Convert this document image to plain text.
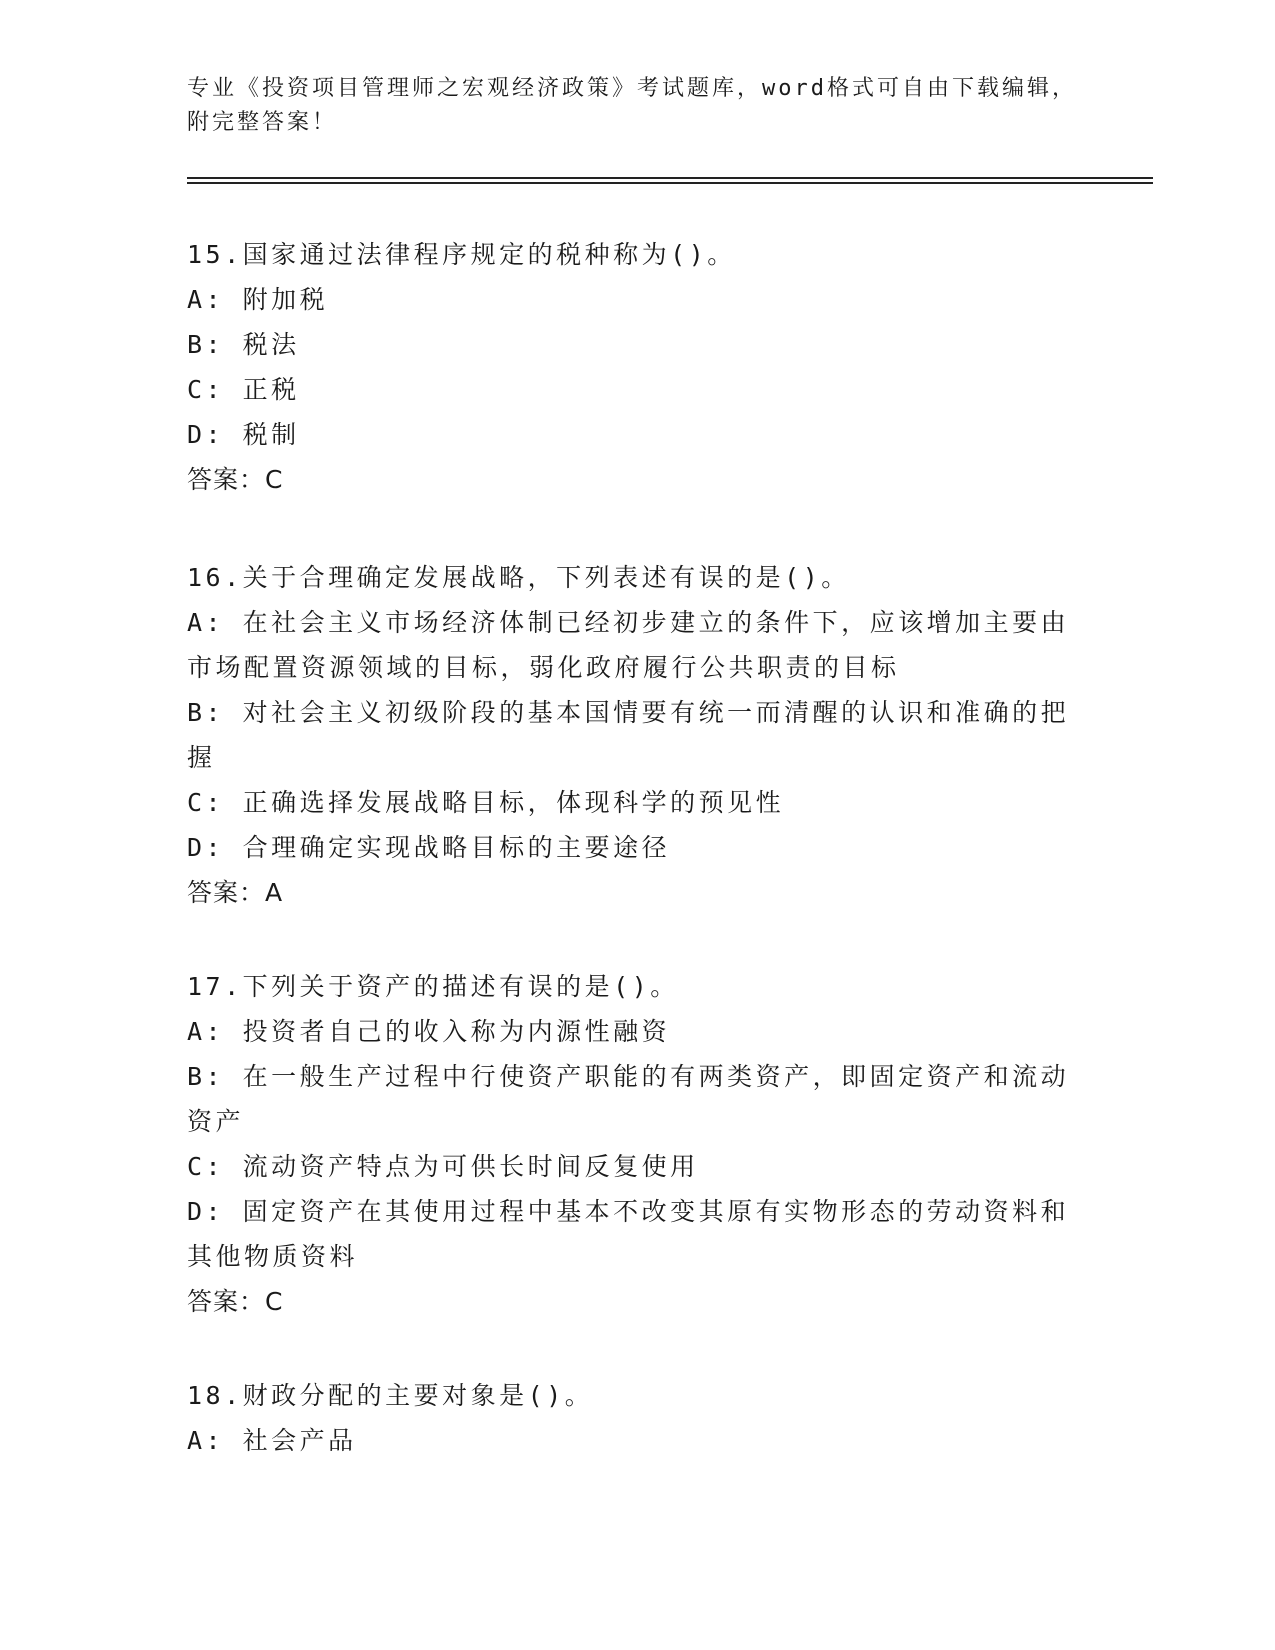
专业《投资项目管理师之宏观经济政策》考试题库，word格式可自由下载编辑，附完整答案！

15.国家通过法律程序规定的税种称为()。

A: 附加税

B: 税法

C: 正税

D: 税制

答案：C

16.关于合理确定发展战略，下列表述有误的是()。

A: 在社会主义市场经济体制已经初步建立的条件下，应该增加主要由市场配置资源领域的目标，弱化政府履行公共职责的目标

B: 对社会主义初级阶段的基本国情要有统一而清醒的认识和准确的把握

C: 正确选择发展战略目标，体现科学的预见性

D: 合理确定实现战略目标的主要途径

答案：A

17.下列关于资产的描述有误的是()。

A: 投资者自己的收入称为内源性融资

B: 在一般生产过程中行使资产职能的有两类资产，即固定资产和流动资产

C: 流动资产特点为可供长时间反复使用

D: 固定资产在其使用过程中基本不改变其原有实物形态的劳动资料和其他物质资料

答案：C

18.财政分配的主要对象是()。

A: 社会产品
